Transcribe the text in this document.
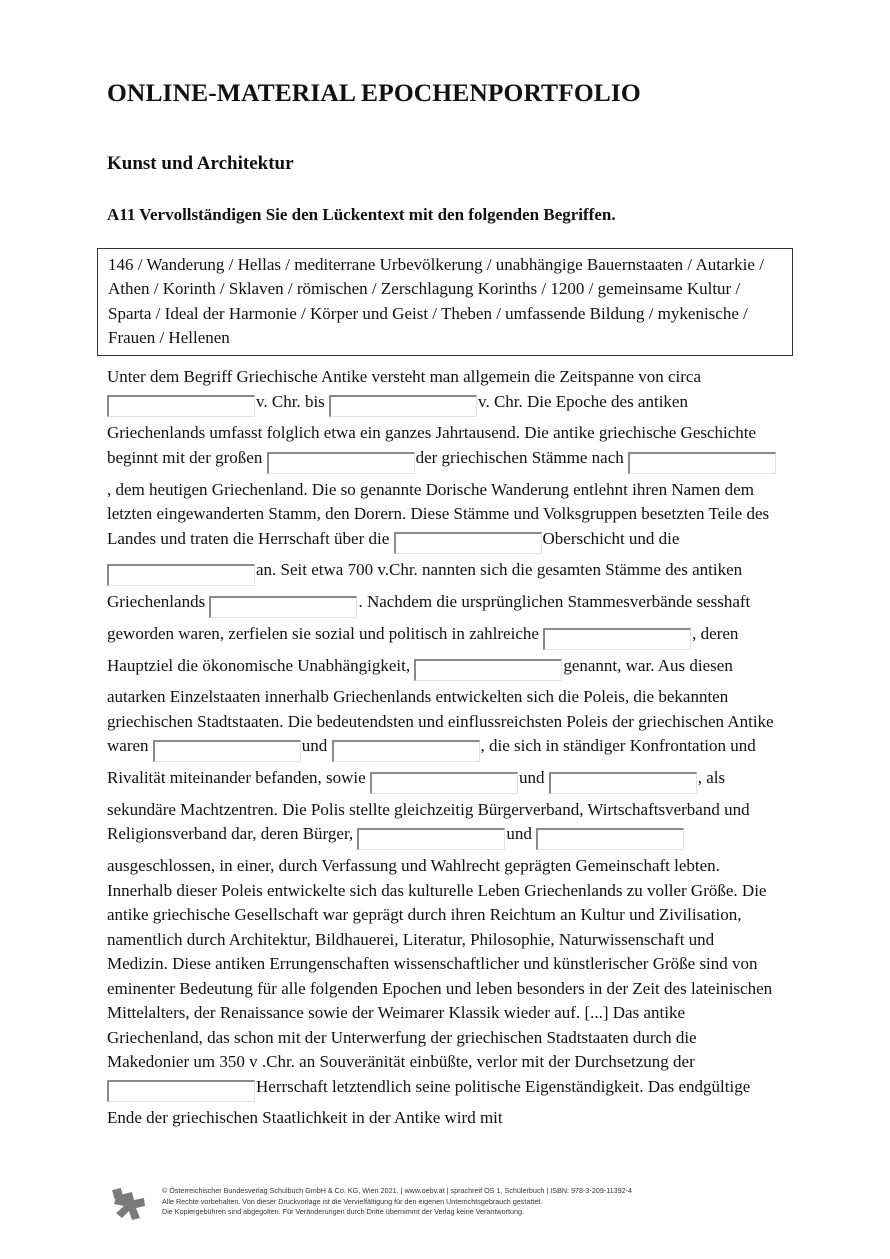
ONLINE-MATERIAL EPOCHENPORTFOLIO
Kunst und Architektur
A11 Vervollständigen Sie den Lückentext mit den folgenden Begriffen.
146 / Wanderung / Hellas / mediterrane Urbevölkerung / unabhängige Bauernstaaten / Autarkie / Athen / Korinth / Sklaven / römischen / Zerschlagung Korinths / 1200 / gemeinsame Kultur / Sparta / Ideal der Harmonie / Körper und Geist / Theben / umfassende Bildung / mykenische / Frauen / Hellenen
Unter dem Begriff Griechische Antike versteht man allgemein die Zeitspanne von circa v. Chr. bis	v. Chr. Die Epoche des antiken Griechenlands umfasst folglich etwa ein ganzes Jahrtausend. Die antike griechische Geschichte beginnt mit der großen	der griechischen Stämme nach , dem heutigen Griechenland. Die so genannte Dorische Wanderung entlehnt ihren Namen dem letzten eingewanderten Stamm, den Dorern. Diese Stämme und Volksgruppen besetzten Teile des Landes und traten die Herrschaft über die	Oberschicht und die an. Seit etwa 700 v.Chr. nannten sich die gesamten Stämme des antiken Griechenlands	. Nachdem die ursprünglichen Stammesverbände sesshaft geworden waren, zerfielen sie sozial und politisch in zahlreiche	, deren Hauptziel die ökonomische Unabhängigkeit,	genannt, war. Aus diesen autarken Einzelstaaten innerhalb Griechenlands entwickelten sich die Poleis, die bekannten griechischen Stadtstaaten. Die bedeutendsten und einflussreichsten Poleis der griechischen Antike waren	und	, die sich in ständiger Konfrontation und Rivalität miteinander befanden, sowie	und	, als sekundäre Machtzentren. Die Polis stellte gleichzeitig Bürgerverband, Wirtschaftsverband und Religionsverband dar, deren Bürger,	und  ausgeschlossen, in einer, durch Verfassung und Wahlrecht geprägten Gemeinschaft lebten. Innerhalb dieser Poleis entwickelte sich das kulturelle Leben Griechenlands zu voller Größe. Die antike griechische Gesellschaft war geprägt durch ihren Reichtum an Kultur und Zivilisation, namentlich durch Architektur, Bildhauerei, Literatur, Philosophie, Naturwissenschaft und Medizin. Diese antiken Errungenschaften wissenschaftlicher und künstlerischer Größe sind von eminenter Bedeutung für alle folgenden Epochen und leben besonders in der Zeit des lateinischen Mittelalters, der Renaissance sowie der Weimarer Klassik wieder auf. [...] Das antike Griechenland, das schon mit der Unterwerfung der griechischen Stadtstaaten durch die Makedonier um 350 v .Chr. an Souveränität einbüßte, verlor mit der Durchsetzung der Herrschaft letztendlich seine politische Eigenständigkeit. Das endgültige Ende der griechischen Staatlichkeit in der Antike wird mit
© Österreichischer Bundesverlag Schulbuch GmbH & Co. KG, Wien 2021. | www.oebv.at | sprachreif OS 1, Schülerbuch | ISBN: 978-3-209-11392-4
Alle Rechte vorbehalten. Von dieser Druckvorlage ist die Vervielfältigung für den eigenen Unterrichtsgebrauch gestattet.
Die Kopiergebühren sind abgegolten. Für Veränderungen durch Dritte übernimmt der Verlag keine Verantwortung.
